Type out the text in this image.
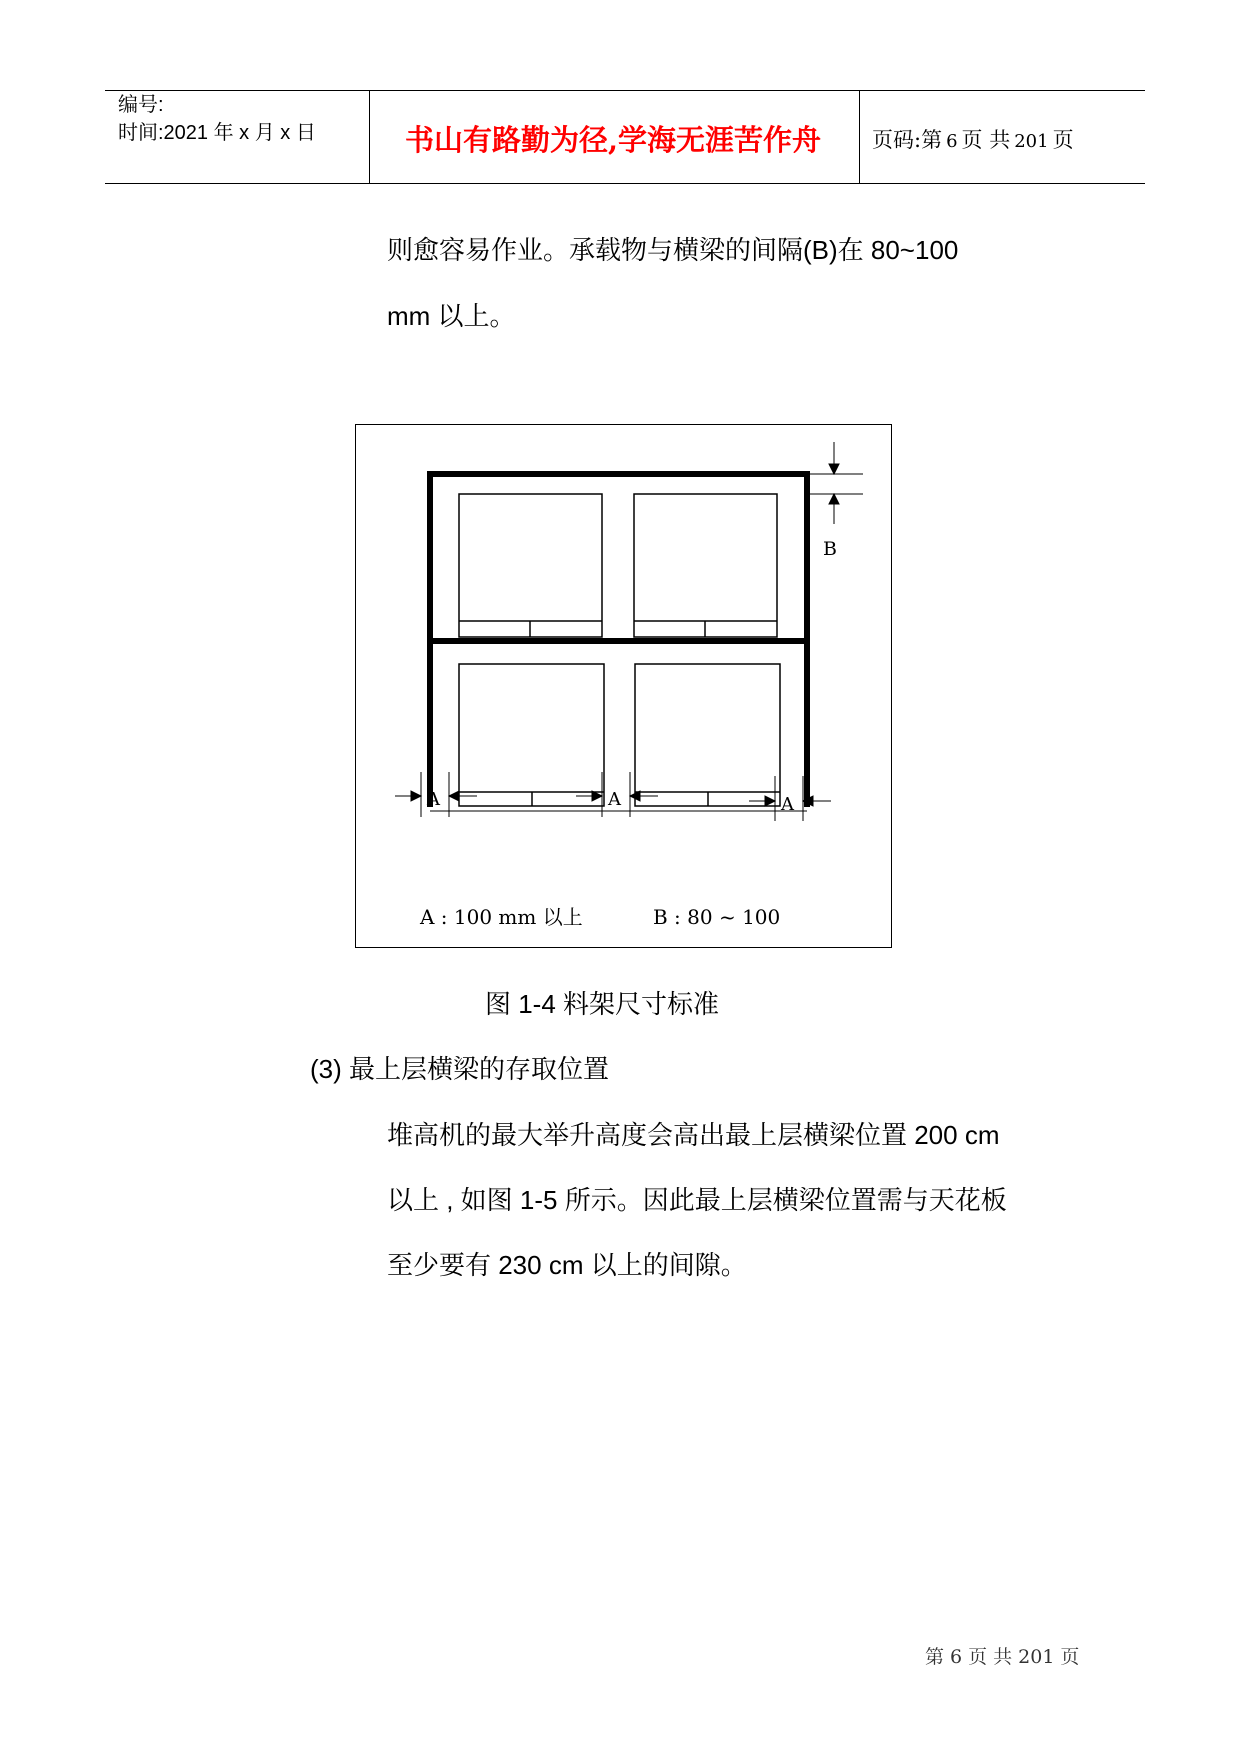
编号:
时间:2021 年 x 月 x 日	书山有路勤为径,学海无涯苦作舟	页码:第 6 页 共 201 页
则愈容易作业。承载物与横梁的间隔(B)在 80~100
mm 以上。
B
A	A	A
A : 100 mm 以上	B : 80 ~ 100
图 1-4 料架尺寸标准
(3) 最上层横梁的存取位置
堆高机的最大举升高度会高出最上层横梁位置 200 cm
以上 , 如图 1-5 所示。因此最上层横梁位置需与天花板
至少要有 230 cm 以上的间隙。
第 6 页 共 201 页
